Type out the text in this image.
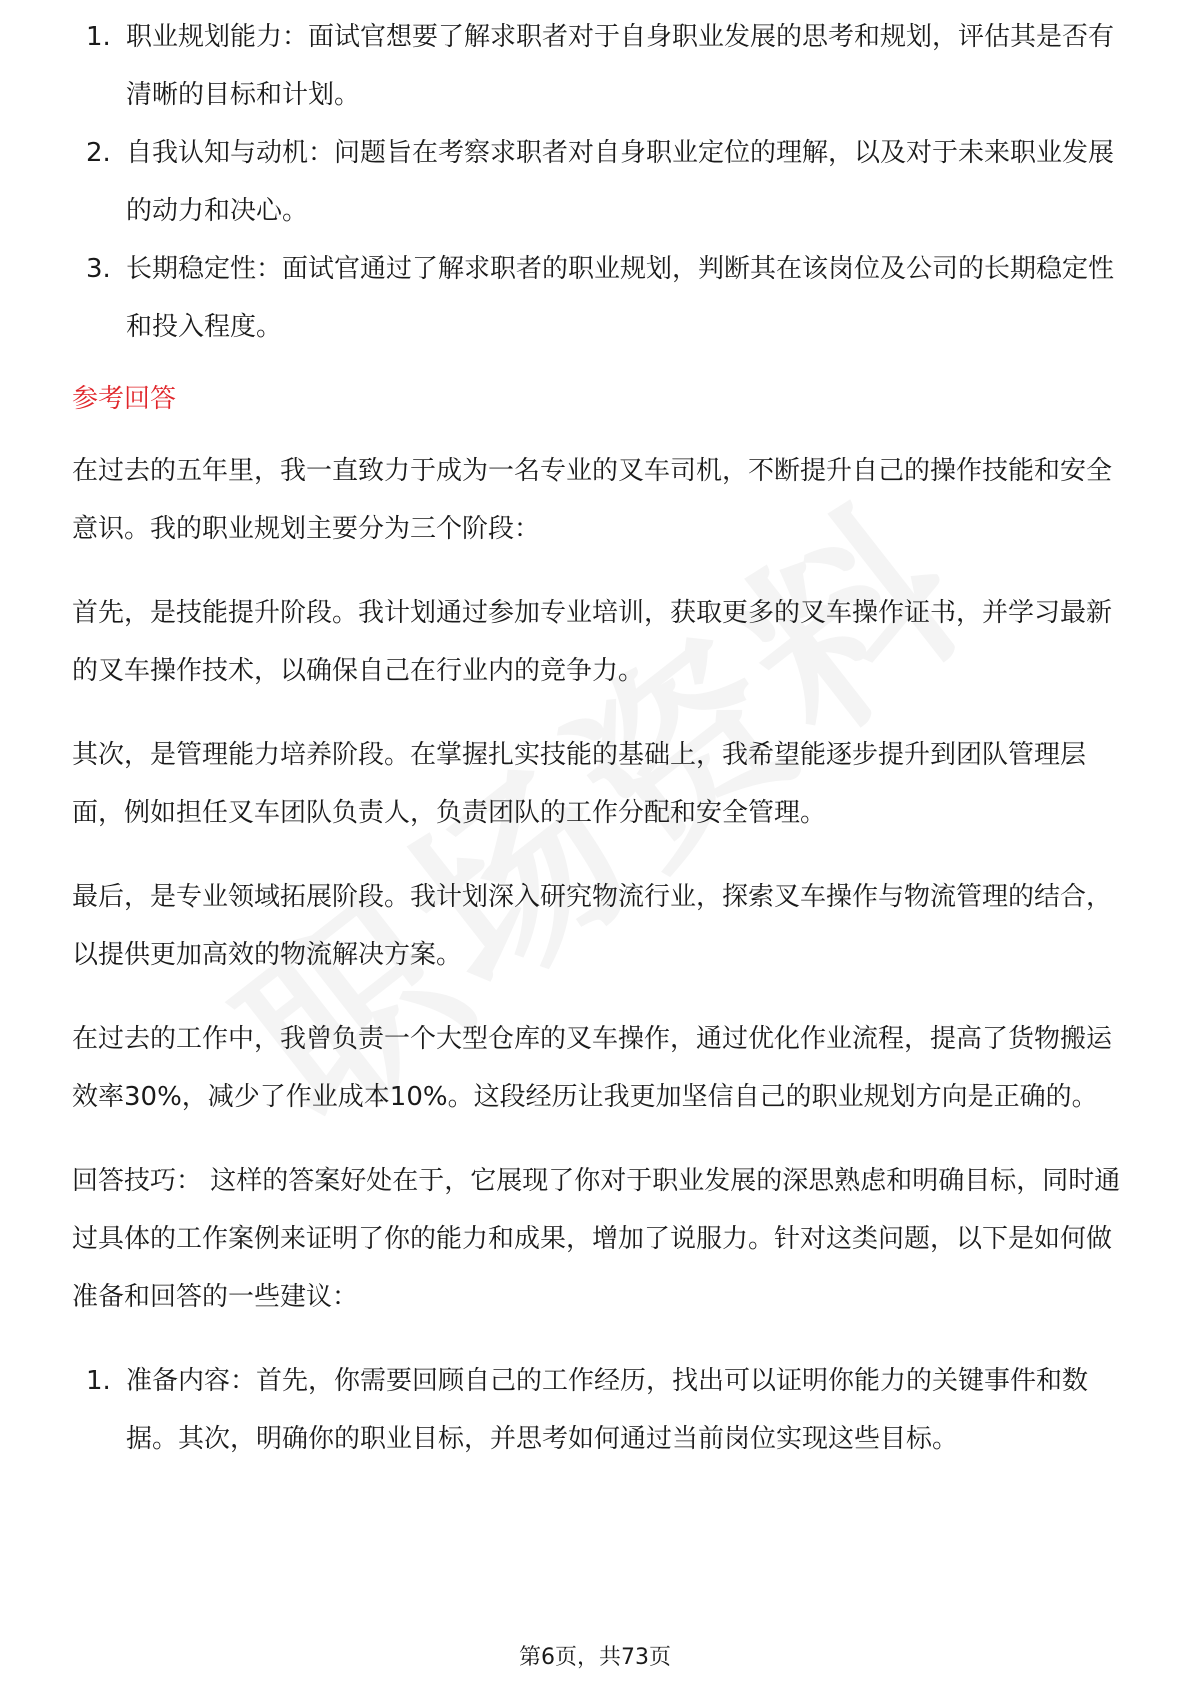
1. 职业规划能力：面试官想要了解求职者对于自身职业发展的思考和规划，评估其是否有清晰的目标和计划。
2. 自我认知与动机：问题旨在考察求职者对自身职业定位的理解，以及对于未来职业发展的动力和决心。
3. 长期稳定性：面试官通过了解求职者的职业规划，判断其在该岗位及公司的长期稳定性和投入程度。
参考回答

在过去的五年里，我一直致力于成为一名专业的叉车司机，不断提升自己的操作技能和安全意识。我的职业规划主要分为三个阶段：

首先，是技能提升阶段。我计划通过参加专业培训，获取更多的叉车操作证书，并学习最新的叉车操作技术，以确保自己在行业内的竞争力。

其次，是管理能力培养阶段。在掌握扎实技能的基础上，我希望能逐步提升到团队管理层面，例如担任叉车团队负责人，负责团队的工作分配和安全管理。

最后，是专业领域拓展阶段。我计划深入研究物流行业，探索叉车操作与物流管理的结合，以提供更加高效的物流解决方案。

在过去的工作中，我曾负责一个大型仓库的叉车操作，通过优化作业流程，提高了货物搬运效率30%，减少了作业成本10%。这段经历让我更加坚信自己的职业规划方向是正确的。

回答技巧： 这样的答案好处在于，它展现了你对于职业发展的深思熟虑和明确目标，同时通过具体的工作案例来证明了你的能力和成果，增加了说服力。针对这类问题，以下是如何做准备和回答的一些建议：

1. 准备内容：首先，你需要回顾自己的工作经历，找出可以证明你能力的关键事件和数据。其次，明确你的职业目标，并思考如何通过当前岗位实现这些目标。
第6页，共73页
